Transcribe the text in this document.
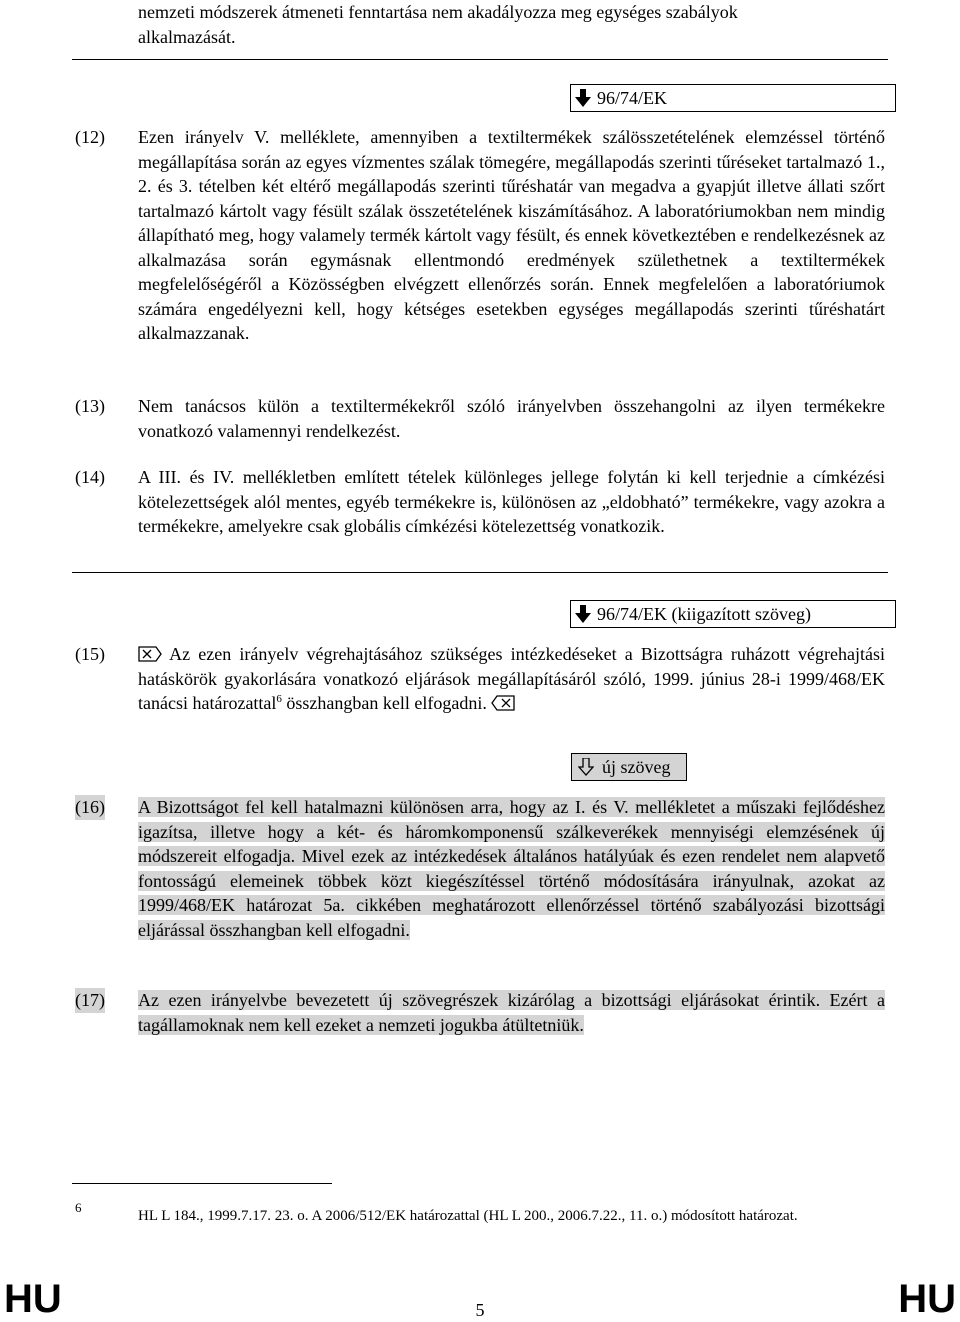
nemzeti módszerek átmeneti fenntartása nem akadályozza meg egységes szabályok
alkalmazását.
96/74/EK
(12) Ezen irányelv V. melléklete, amennyiben a textiltermékek szálösszetételének elemzéssel történő megállapítása során az egyes vízmentes szálak tömegére, megállapodás szerinti tűréseket tartalmazó 1., 2. és 3. tételben két eltérő megállapodás szerinti tűréshatár van megadva a gyapjút illetve állati szőrt tartalmazó kártolt vagy fésült szálak összetételének kiszámításához. A laboratóriumokban nem mindig állapítható meg, hogy valamely termék kártolt vagy fésült, és ennek következtében e rendelkezésnek az alkalmazása során egymásnak ellentmondó eredmények születhetnek a textiltermékek megfelelőségéről a Közösségben elvégzett ellenőrzés során. Ennek megfelelően a laboratóriumok számára engedélyezni kell, hogy kétséges esetekben egységes megállapodás szerinti tűréshatárt alkalmazzanak.
(13) Nem tanácsos külön a textiltermékekről szóló irányelvben összehangolni az ilyen termékekre vonatkozó valamennyi rendelkezést.
(14) A III. és IV. mellékletben említett tételek különleges jellege folytán ki kell terjednie a címkézési kötelezettségek alól mentes, egyéb termékekre is, különösen az „eldobható” termékekre, vagy azokra a termékekre, amelyekre csak globális címkézési kötelezettség vonatkozik.
96/74/EK (kiigazított szöveg)
(15)	Az ezen irányelv végrehajtásához szükséges intézkedéseket a Bizottságra ruházott végrehajtási hatáskörök gyakorlására vonatkozó eljárások megállapításáról szóló, 1999. június 28-i 1999/468/EK tanácsi határozattal$^6$ összhangban kell elfogadni.
új szöveg
(16) A Bizottságot fel kell hatalmazni különösen arra, hogy az I. és V. mellékletet a műszaki fejlődéshez igazítsa, illetve hogy a két- és háromkomponensű szálkeverékek mennyiségi elemzésének új módszereit elfogadja. Mivel ezek az intézkedések általános hatályúak és ezen rendelet nem alapvető fontosságú elemeinek többek közt kiegészítéssel történő módosítására irányulnak, azokat az 1999/468/EK határozat 5a. cikkében meghatározott ellenőrzéssel történő szabályozási bizottsági eljárással összhangban kell elfogadni.
(17) Az ezen irányelvbe bevezetett új szövegrészek kizárólag a bizottsági eljárásokat érintik. Ezért a tagállamoknak nem kell ezeket a nemzeti jogukba átültetniük.
6
HL L 184., 1999.7.17. 23. o. A 2006/512/EK határozattal (HL L 200., 2006.7.22., 11. o.) módosított határozat.
HU	5	HU
